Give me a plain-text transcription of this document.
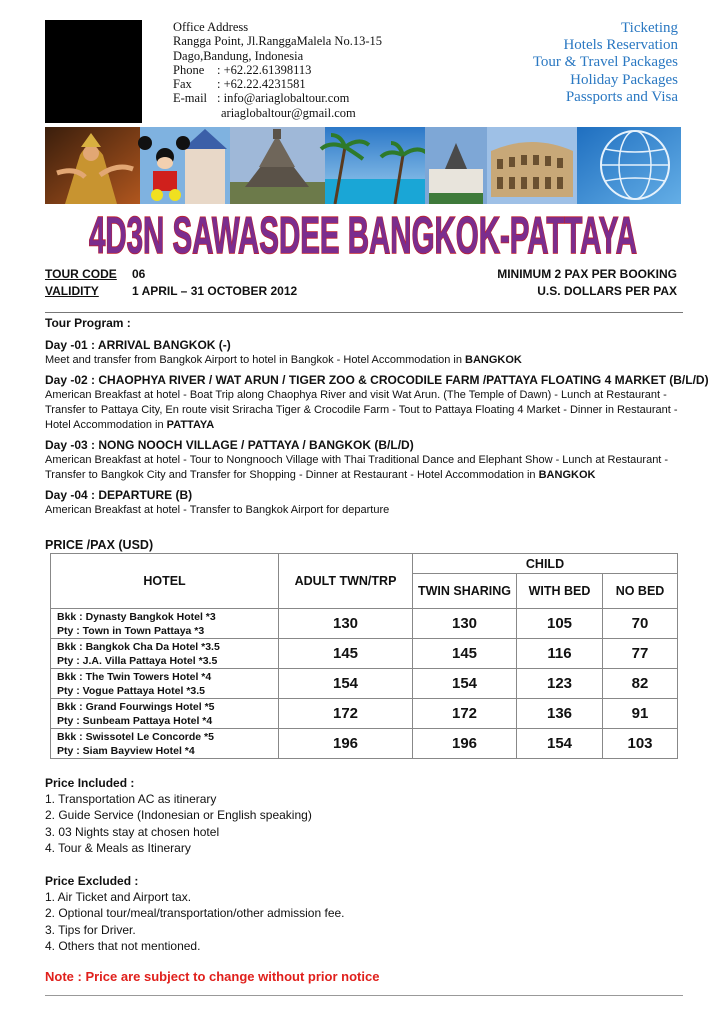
Office Address
Rangga Point, Jl.RanggaMalela No.13-15
Dago,Bandung, Indonesia
Phone : +62.22.61398113
Fax : +62.22.4231581
E-mail : info@ariaglobaltour.com
ariaglobaltour@gmail.com
Ticketing
Hotels Reservation
Tour & Travel Packages
Holiday Packages
Passports and Visa
4D3N SAWASDEE BANGKOK-PATTAYA
TOUR CODE 06
VALIDITY	1 APRIL – 31 OCTOBER 2012
MINIMUM 2 PAX PER BOOKING
U.S. DOLLARS PER PAX
Tour Program :
Day -01 : ARRIVAL BANGKOK (-)
Meet and transfer from Bangkok Airport to hotel in Bangkok - Hotel Accommodation in BANGKOK
Day -02 : CHAOPHYA RIVER / WAT ARUN / TIGER ZOO & CROCODILE FARM /PATTAYA FLOATING 4 MARKET (B/L/D)
American Breakfast at hotel - Boat Trip along Chaophya River and visit Wat Arun. (The Temple of Dawn) - Lunch at Restaurant - Transfer to Pattaya City, En route visit Sriracha Tiger & Crocodile Farm - Tout to Pattaya Floating 4 Market - Dinner in Restaurant - Hotel Accommodation in PATTAYA
Day -03 : NONG NOOCH VILLAGE / PATTAYA / BANGKOK (B/L/D)
American Breakfast at hotel - Tour to Nongnooch Village with Thai Traditional Dance and Elephant Show - Lunch at Restaurant - Transfer to Bangkok City and Transfer for Shopping - Dinner at Restaurant - Hotel Accommodation in BANGKOK
Day -04 : DEPARTURE (B)
American Breakfast at hotel - Transfer to Bangkok Airport for departure
PRICE /PAX (USD)
HOTEL	ADULT TWN/TRP	CHILD		
		TWIN SHARING	WITH BED	NO BED

Bkk : Dynasty Bangkok Hotel *3
Pty : Town in Town Pattaya *3	130	130	105	70

Bkk : Bangkok Cha Da Hotel *3.5
Pty : J.A. Villa Pattaya Hotel *3.5	145	145	116	77

Bkk : The Twin Towers Hotel *4
Pty : Vogue Pattaya Hotel *3.5	154	154	123	82

Bkk : Grand Fourwings Hotel *5
Pty : Sunbeam Pattaya Hotel *4	172	172	136	91

Bkk : Swissotel Le Concorde *5
Pty : Siam Bayview Hotel *4	196	196	154	103
Price Included :
1. Transportation AC as itinerary
2. Guide Service (Indonesian or English speaking)
3. 03 Nights stay at chosen hotel
4. Tour & Meals as Itinerary
Price Excluded :
1. Air Ticket and Airport tax.
2. Optional tour/meal/transportation/other admission fee.
3. Tips for Driver.
4. Others that not mentioned.
Note : Price are subject to change without prior notice
